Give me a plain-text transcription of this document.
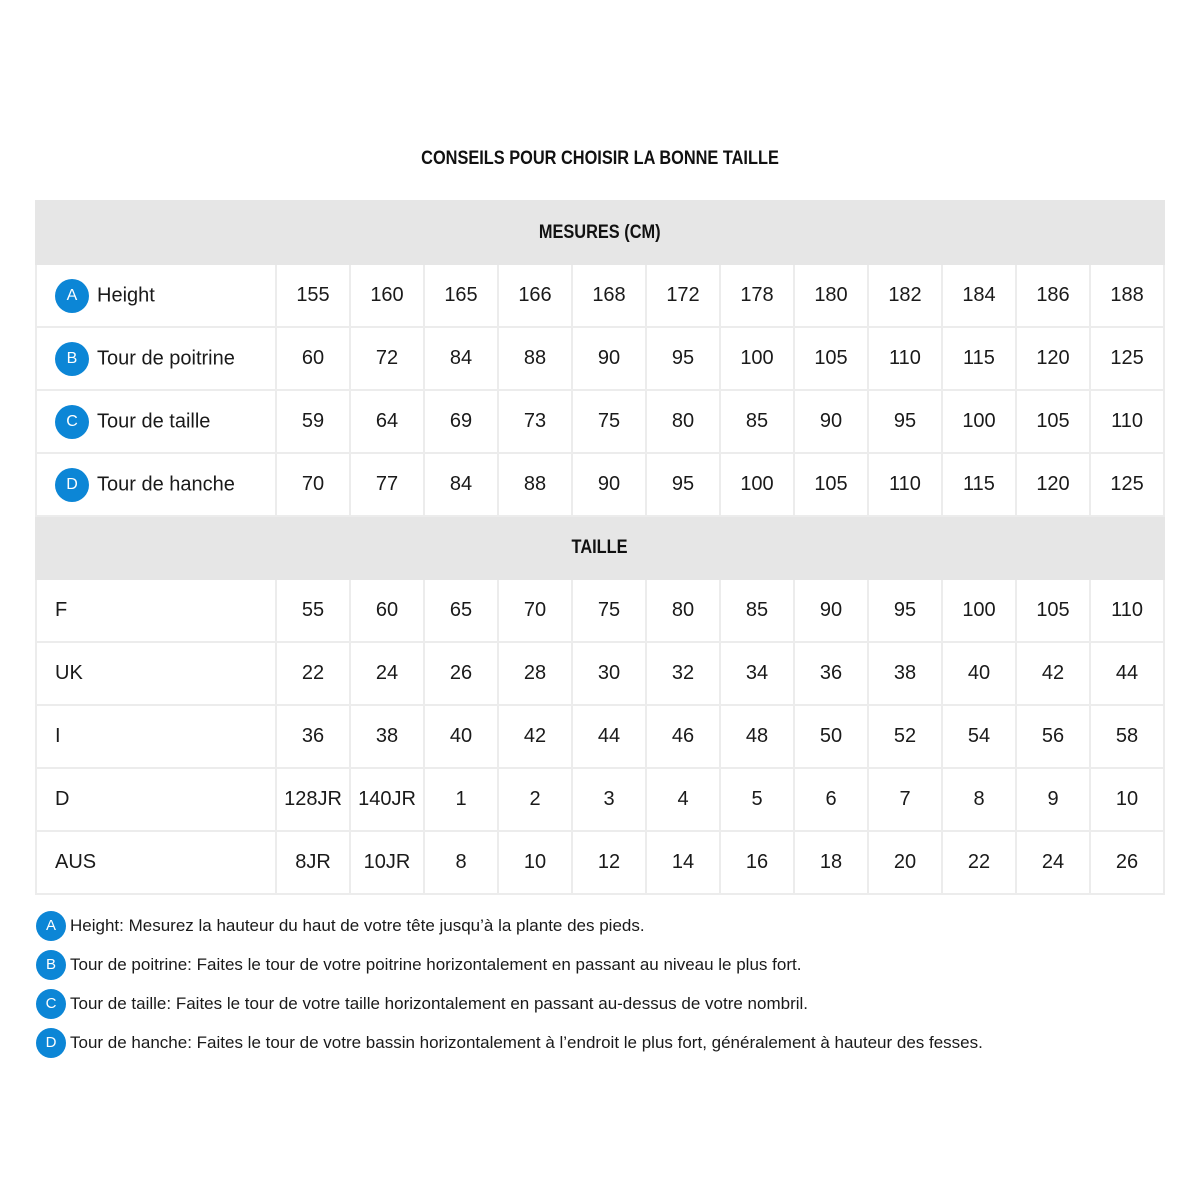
CONSEILS POUR CHOISIR LA BONNE TAILLE
MESURES (CM)												
A Height	155	160	165	166	168	172	178	180	182	184	186	188
B Tour de poitrine	60	72	84	88	90	95	100	105	110	115	120	125
C Tour de taille	59	64	69	73	75	80	85	90	95	100	105	110
D Tour de hanche	70	77	84	88	90	95	100	105	110	115	120	125
TAILLE												
F	55	60	65	70	75	80	85	90	95	100	105	110
UK	22	24	26	28	30	32	34	36	38	40	42	44
I	36	38	40	42	44	46	48	50	52	54	56	58
D	128JR	140JR	1	2	3	4	5	6	7	8	9	10
AUS	8JR	10JR	8	10	12	14	16	18	20	22	24	26
A Height: Mesurez la hauteur du haut de votre tête jusqu’à la plante des pieds.
B Tour de poitrine: Faites le tour de votre poitrine horizontalement en passant au niveau le plus fort.
C Tour de taille: Faites le tour de votre taille horizontalement en passant au-dessus de votre nombril.
D Tour de hanche: Faites le tour de votre bassin horizontalement à l’endroit le plus fort, généralement à hauteur des fesses.
